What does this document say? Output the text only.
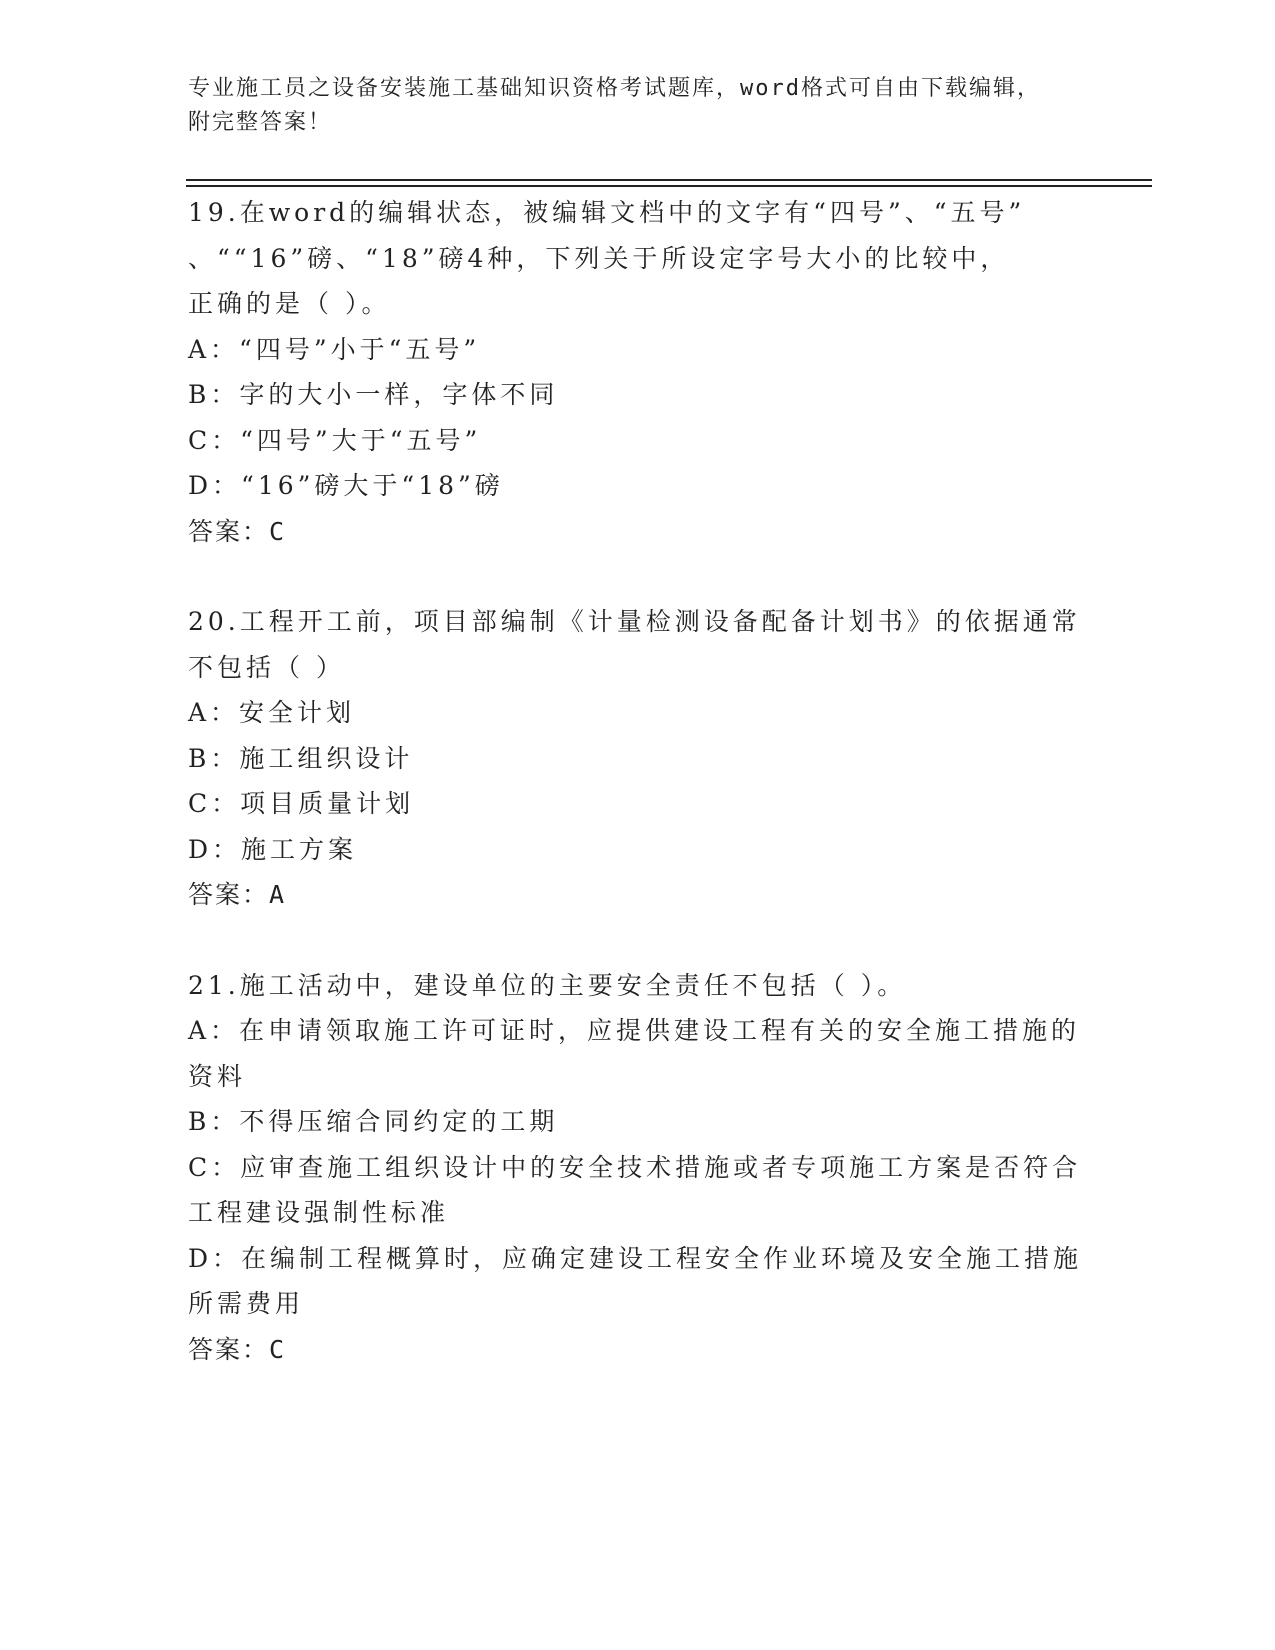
专业施工员之设备安装施工基础知识资格考试题库，word格式可自由下载编辑，

附完整答案！

19.在word的编辑状态，被编辑文档中的文字有“四号”、“五号”

、““16”磅、“18”磅4种，下列关于所设定字号大小的比较中，

正确的是（ ）。

A：“四号”小于“五号”

B：字的大小一样，字体不同

C：“四号”大于“五号”

D：“16”磅大于“18”磅

答案：C

20.工程开工前，项目部编制《计量检测设备配备计划书》的依据通常

不包括（ ）

A：安全计划

B：施工组织设计

C：项目质量计划

D：施工方案

答案：A

21.施工活动中，建设单位的主要安全责任不包括（ ）。

A：在申请领取施工许可证时，应提供建设工程有关的安全施工措施的

资料

B：不得压缩合同约定的工期

C：应审查施工组织设计中的安全技术措施或者专项施工方案是否符合

工程建设强制性标准

D：在编制工程概算时，应确定建设工程安全作业环境及安全施工措施

所需费用

答案：C
